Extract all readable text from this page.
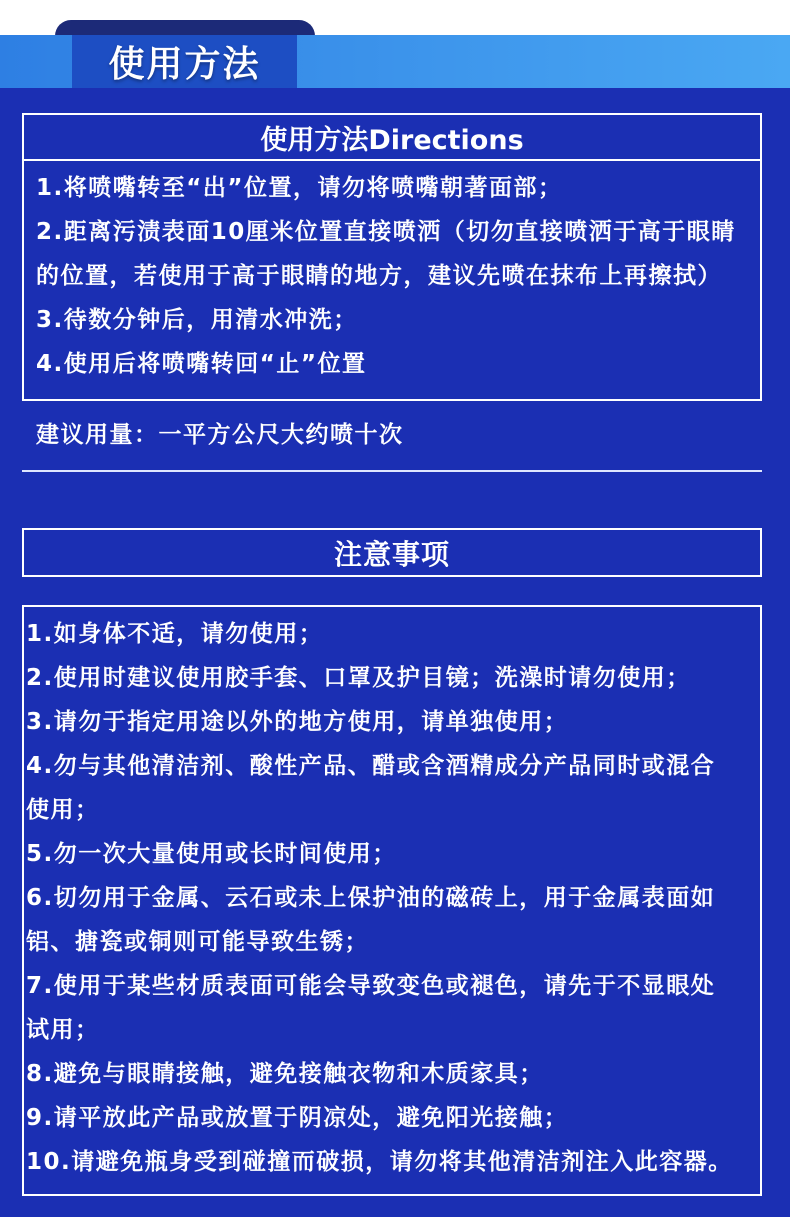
使用方法
使用方法Directions
1.将喷嘴转至“出”位置，请勿将喷嘴朝著面部；
2.距离污渍表面10厘米位置直接喷洒（切勿直接喷洒于高于眼睛
的位置，若使用于高于眼睛的地方，建议先喷在抹布上再擦拭）
3.待数分钟后，用清水冲洗；
4.使用后将喷嘴转回“止”位置
建议用量：一平方公尺大约喷十次
注意事项
1.如身体不适，请勿使用；
2.使用时建议使用胶手套、口罩及护目镜；洗澡时请勿使用；
3.请勿于指定用途以外的地方使用，请单独使用；
4.勿与其他清洁剂、酸性产品、醋或含酒精成分产品同时或混合
使用；
5.勿一次大量使用或长时间使用；
6.切勿用于金属、云石或未上保护油的磁砖上，用于金属表面如
铝、搪瓷或铜则可能导致生锈；
7.使用于某些材质表面可能会导致变色或褪色，请先于不显眼处
试用；
8.避免与眼睛接触，避免接触衣物和木质家具；
9.请平放此产品或放置于阴凉处，避免阳光接触；
10.请避免瓶身受到碰撞而破损，请勿将其他清洁剂注入此容器。
